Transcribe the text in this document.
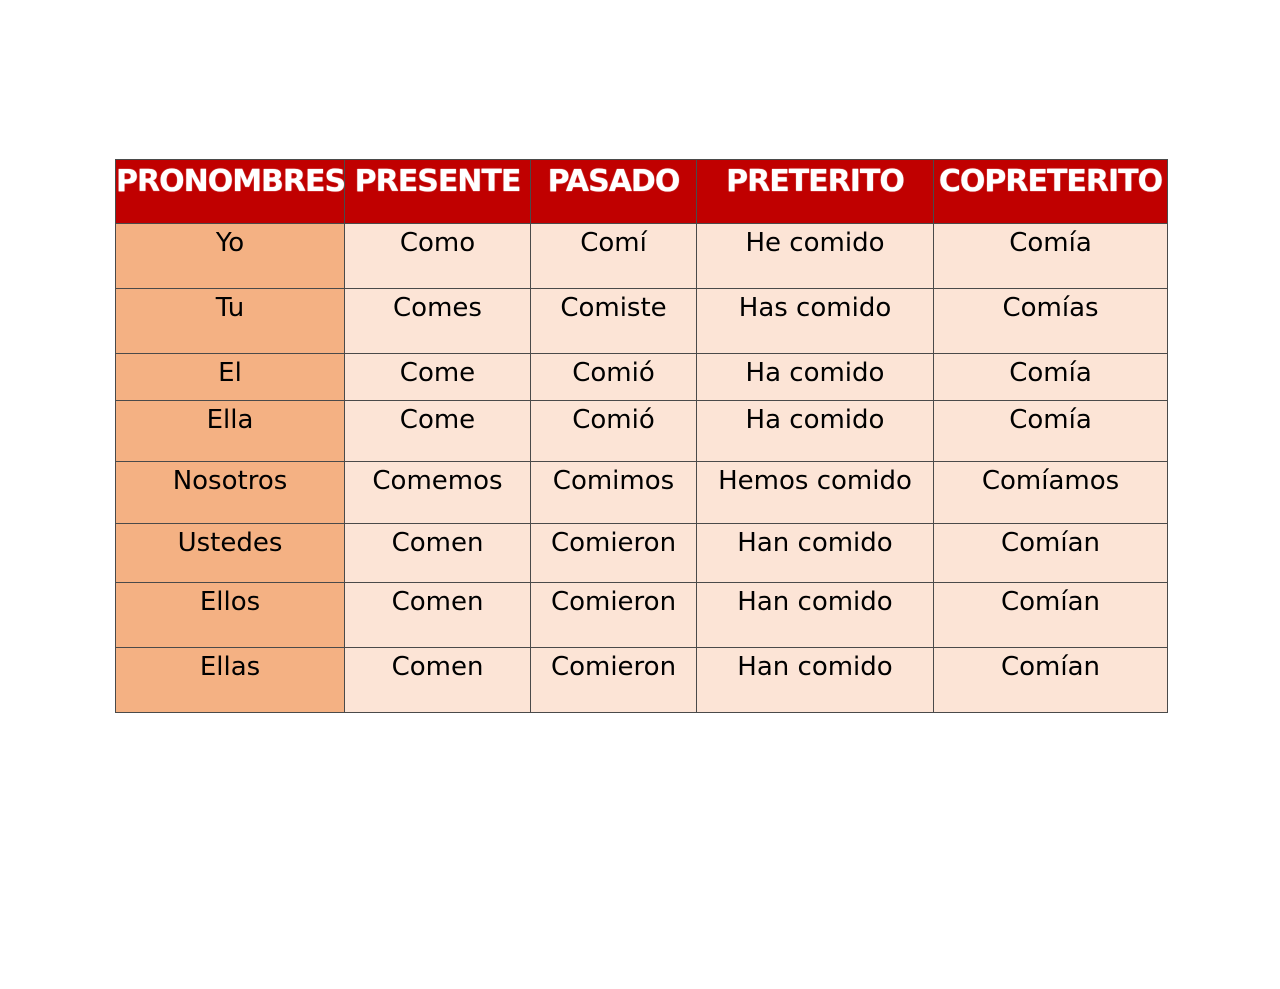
PRONOMBRES	PRESENTE	PASADO	PRETERITO	COPRETERITO
Yo	Como	Comí	He comido	Comía
Tu	Comes	Comiste	Has comido	Comías
El	Come	Comió	Ha comido	Comía
Ella	Come	Comió	Ha comido	Comía
Nosotros	Comemos	Comimos	Hemos comido	Comíamos
Ustedes	Comen	Comieron	Han comido	Comían
Ellos	Comen	Comieron	Han comido	Comían
Ellas	Comen	Comieron	Han comido	Comían
